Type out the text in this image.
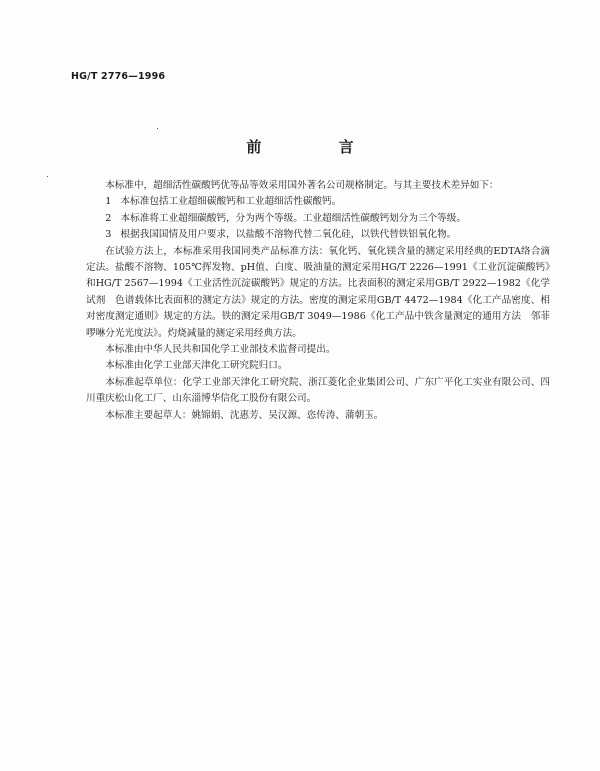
HG/T 2776—1996
前 言

本标准中，超细活性碳酸钙优等品等效采用国外著名公司规格制定。与其主要技术差异如下：

1 本标准包括工业超细碳酸钙和工业超细活性碳酸钙。

2 本标准将工业超细碳酸钙，分为两个等级。工业超细活性碳酸钙划分为三个等级。

3 根据我国国情及用户要求，以盐酸不溶物代替二氧化硅，以铁代替铁铝氧化物。

在试验方法上，本标准采用我国同类产品标准方法：氧化钙、氧化镁含量的测定采用经典的EDTA络合滴定法。盐酸不溶物、105℃挥发物、pH值、白度、吸油量的测定采用HG/T 2226—1991《工业沉淀碳酸钙》和HG/T 2567—1994《工业活性沉淀碳酸钙》规定的方法。比表面积的测定采用GB/T 2922—1982《化学试剂　色谱载体比表面积的测定方法》规定的方法。密度的测定采用GB/T 4472—1984《化工产品密度、相对密度测定通则》规定的方法。铁的测定采用GB/T 3049—1986《化工产品中铁含量测定的通用方法　邻菲啰啉分光光度法》。灼烧减量的测定采用经典方法。

本标准由中华人民共和国化学工业部技术监督司提出。

本标准由化学工业部天津化工研究院归口。

本标准起草单位：化学工业部天津化工研究院、浙江菱化企业集团公司、广东广平化工实业有限公司、四川重庆松山化工厂、山东淄博华信化工股份有限公司。

本标准主要起草人：姚锦娟、沈惠芳、吴汉源、恣传涛、蒲朝玉。
